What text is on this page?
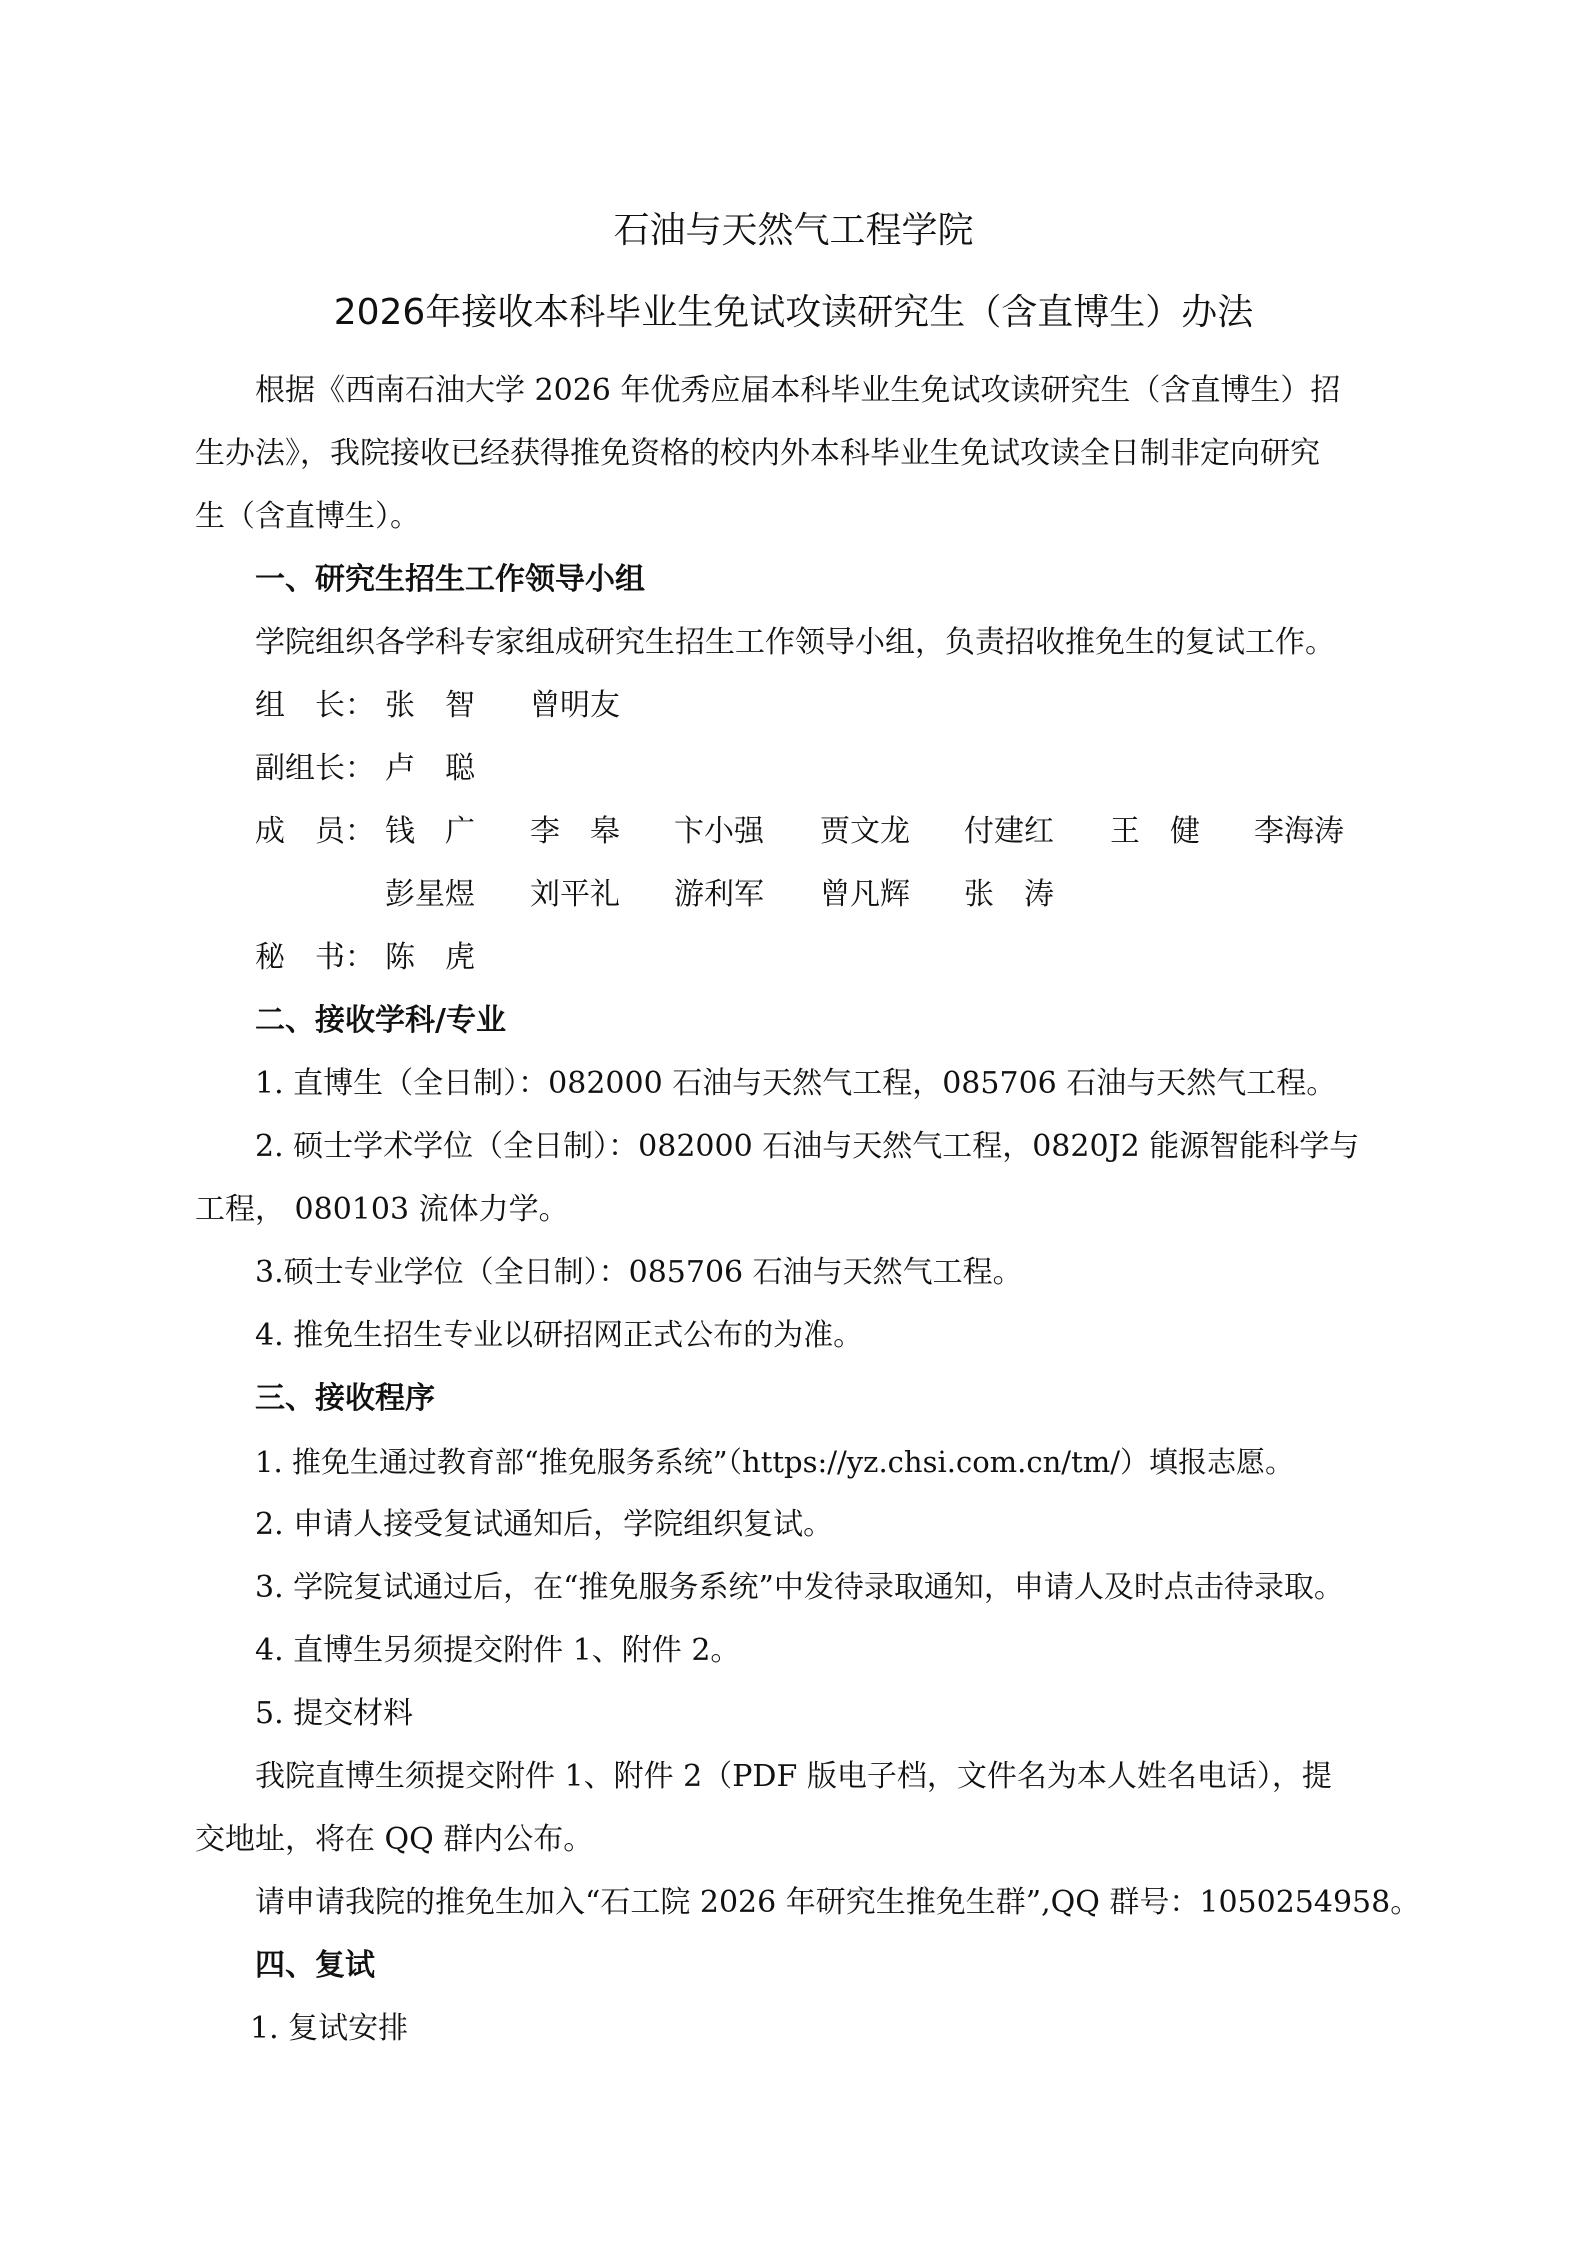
石油与天然气工程学院
2026年接收本科毕业生免试攻读研究生（含直博生）办法
根据《西南石油大学 2026 年优秀应届本科毕业生免试攻读研究生（含直博生）招
生办法》，我院接收已经获得推免资格的校内外本科毕业生免试攻读全日制非定向研究
生（含直博生）。
一、研究生招生工作领导小组
学院组织各学科专家组成研究生招生工作领导小组，负责招收推免生的复试工作。
组　长： 张　智 曾明友
副组长： 卢　聪
成　员： 钱　广 李　皋 卞小强 贾文龙 付建红 王　健 李海涛
彭星煜 刘平礼 游利军 曾凡辉 张　涛
秘　书： 陈　虎
二、接收学科/专业
1. 直博生（全日制）：082000 石油与天然气工程，085706 石油与天然气工程。
2. 硕士学术学位（全日制）：082000 石油与天然气工程，0820J2 能源智能科学与
工程， 080103 流体力学。
3.硕士专业学位（全日制）：085706 石油与天然气工程。
4. 推免生招生专业以研招网正式公布的为准。
三、接收程序
1. 推免生通过教育部“推免服务系统”（https://yz.chsi.com.cn/tm/）填报志愿。
2. 申请人接受复试通知后，学院组织复试。
3. 学院复试通过后，在“推免服务系统”中发待录取通知，申请人及时点击待录取。
4. 直博生另须提交附件 1、附件 2。
5. 提交材料
我院直博生须提交附件 1、附件 2（PDF 版电子档，文件名为本人姓名电话），提
交地址，将在 QQ 群内公布。
请申请我院的推免生加入“石工院 2026 年研究生推免生群”,QQ 群号：1050254958。
四、复试
1. 复试安排
